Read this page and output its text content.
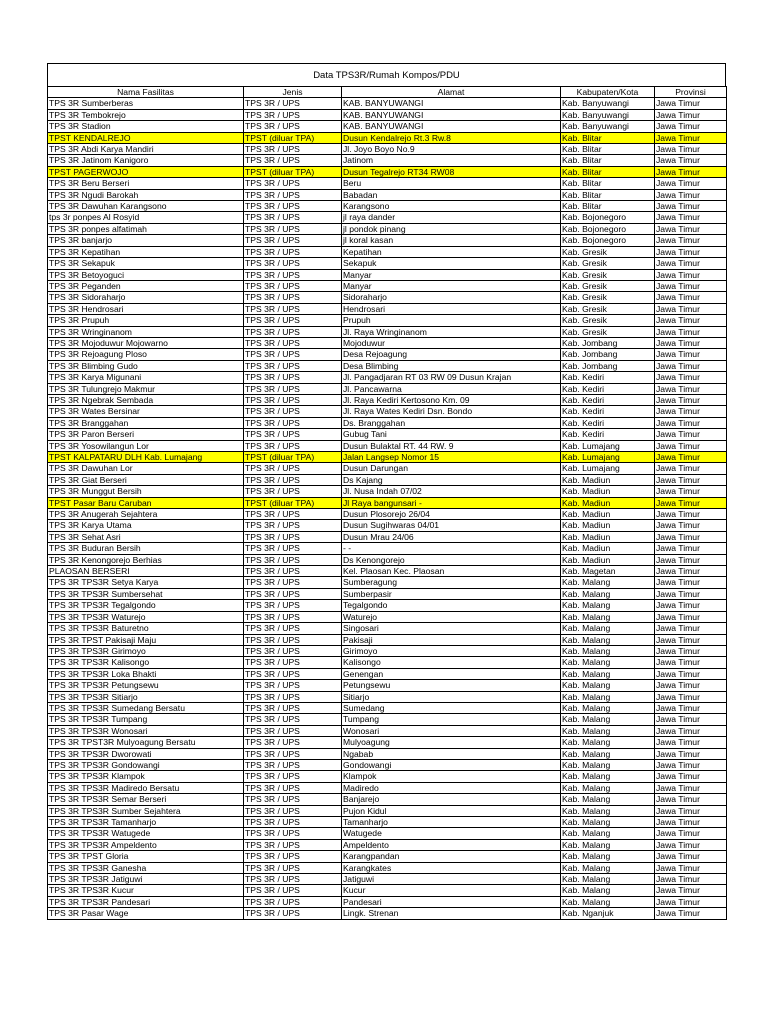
Data TPS3R/Rumah Kompos/PDU
Nama Fasilitas	Jenis	Alamat	Kabupaten/Kota	Provinsi
TPS 3R Sumberberas	TPS 3R / UPS	KAB. BANYUWANGI	Kab. Banyuwangi	Jawa Timur
TPS 3R Tembokrejo	TPS 3R / UPS	KAB. BANYUWANGI	Kab. Banyuwangi	Jawa Timur
TPS 3R Stadion	TPS 3R / UPS	KAB. BANYUWANGI	Kab. Banyuwangi	Jawa Timur
TPST KENDALREJO	TPST (diluar TPA)	Dusun Kendalrejo Rt.3 Rw.8	Kab. Blitar	Jawa Timur
TPS 3R Abdi Karya Mandiri	TPS 3R / UPS	Jl. Joyo Boyo No.9	Kab. Blitar	Jawa Timur
TPS 3R Jatinom Kanigoro	TPS 3R / UPS	Jatinom	Kab. Blitar	Jawa Timur
TPST PAGERWOJO	TPST (diluar TPA)	Dusun Tegalrejo RT34 RW08	Kab. Blitar	Jawa Timur
TPS 3R Beru Berseri	TPS 3R / UPS	Beru	Kab. Blitar	Jawa Timur
TPS 3R Ngudi Barokah	TPS 3R / UPS	Babadan	Kab. Blitar	Jawa Timur
TPS 3R Dawuhan Karangsono	TPS 3R / UPS	Karangsono	Kab. Blitar	Jawa Timur
tps 3r ponpes Al Rosyid	TPS 3R / UPS	jl raya dander	Kab. Bojonegoro	Jawa Timur
TPS 3R ponpes alfatimah	TPS 3R / UPS	jl pondok pinang	Kab. Bojonegoro	Jawa Timur
TPS 3R banjarjo	TPS 3R / UPS	jl koral kasan	Kab. Bojonegoro	Jawa Timur
TPS 3R Kepatihan	TPS 3R / UPS	Kepatihan	Kab. Gresik	Jawa Timur
TPS 3R Sekapuk	TPS 3R / UPS	Sekapuk	Kab. Gresik	Jawa Timur
TPS 3R Betoyoguci	TPS 3R / UPS	Manyar	Kab. Gresik	Jawa Timur
TPS 3R Peganden	TPS 3R / UPS	Manyar	Kab. Gresik	Jawa Timur
TPS 3R Sidoraharjo	TPS 3R / UPS	Sidoraharjo	Kab. Gresik	Jawa Timur
TPS 3R Hendrosari	TPS 3R / UPS	Hendrosari	Kab. Gresik	Jawa Timur
TPS 3R Prupuh	TPS 3R / UPS	Prupuh	Kab. Gresik	Jawa Timur
TPS 3R Wringinanom	TPS 3R / UPS	Jl. Raya Wringinanom	Kab. Gresik	Jawa Timur
TPS 3R Mojoduwur Mojowarno	TPS 3R / UPS	Mojoduwur	Kab. Jombang	Jawa Timur
TPS 3R Rejoagung Ploso	TPS 3R / UPS	Desa Rejoagung	Kab. Jombang	Jawa Timur
TPS 3R Blimbing Gudo	TPS 3R / UPS	Desa Blimbing	Kab. Jombang	Jawa Timur
TPS 3R Karya Migunani	TPS 3R / UPS	Jl. Pangadjaran RT 03 RW 09 Dusun Krajan	Kab. Kediri	Jawa Timur
TPS 3R Tulungrejo Makmur	TPS 3R / UPS	Jl. Pancawarna	Kab. Kediri	Jawa Timur
TPS 3R Ngebrak Sembada	TPS 3R / UPS	Jl. Raya Kediri Kertosono Km. 09	Kab. Kediri	Jawa Timur
TPS 3R Wates Bersinar	TPS 3R / UPS	Jl. Raya Wates Kediri Dsn. Bondo	Kab. Kediri	Jawa Timur
TPS 3R Branggahan	TPS 3R / UPS	Ds. Branggahan	Kab. Kediri	Jawa Timur
TPS 3R Paron Berseri	TPS 3R / UPS	Gubug Tani	Kab. Kediri	Jawa Timur
TPS 3R Yosowilangun Lor	TPS 3R / UPS	Dusun Bulaktal RT. 44 RW. 9	Kab. Lumajang	Jawa Timur
TPST KALPATARU DLH Kab. Lumajang	TPST (diluar TPA)	Jalan Langsep Nomor 15	Kab. Lumajang	Jawa Timur
TPS 3R Dawuhan Lor	TPS 3R / UPS	Dusun Darungan	Kab. Lumajang	Jawa Timur
TPS 3R Giat Berseri	TPS 3R / UPS	Ds Kajang	Kab. Madiun	Jawa Timur
TPS 3R Munggut Bersih	TPS 3R / UPS	Jl. Nusa Indah 07/02	Kab. Madiun	Jawa Timur
TPST Pasar Baru Caruban	TPST (diluar TPA)	Jl Raya bangunsari -	Kab. Madiun	Jawa Timur
TPS 3R Anugerah Sejahtera	TPS 3R / UPS	Dusun Plosorejo 26/04	Kab. Madiun	Jawa Timur
TPS 3R Karya Utama	TPS 3R / UPS	Dusun Sugihwaras 04/01	Kab. Madiun	Jawa Timur
TPS 3R Sehat Asri	TPS 3R / UPS	Dusun Mrau 24/06	Kab. Madiun	Jawa Timur
TPS 3R Buduran Bersih	TPS 3R / UPS	- -	Kab. Madiun	Jawa Timur
TPS 3R Kenongorejo Berhias	TPS 3R / UPS	Ds Kenongorejo	Kab. Madiun	Jawa Timur
PLAOSAN BERSERI	TPS 3R / UPS	Kel. Plaosan Kec. Plaosan	Kab. Magetan	Jawa Timur
TPS 3R TPS3R Setya Karya	TPS 3R / UPS	Sumberagung	Kab. Malang	Jawa Timur
TPS 3R TPS3R Sumbersehat	TPS 3R / UPS	Sumberpasir	Kab. Malang	Jawa Timur
TPS 3R TPS3R Tegalgondo	TPS 3R / UPS	Tegalgondo	Kab. Malang	Jawa Timur
TPS 3R TPS3R Waturejo	TPS 3R / UPS	Waturejo	Kab. Malang	Jawa Timur
TPS 3R TPS3R Baturetno	TPS 3R / UPS	Singosari	Kab. Malang	Jawa Timur
TPS 3R TPST Pakisaji Maju	TPS 3R / UPS	Pakisaji	Kab. Malang	Jawa Timur
TPS 3R TPS3R Girimoyo	TPS 3R / UPS	Girimoyo	Kab. Malang	Jawa Timur
TPS 3R TPS3R Kalisongo	TPS 3R / UPS	Kalisongo	Kab. Malang	Jawa Timur
TPS 3R TPS3R Loka Bhakti	TPS 3R / UPS	Genengan	Kab. Malang	Jawa Timur
TPS 3R TPS3R Petungsewu	TPS 3R / UPS	Petungsewu	Kab. Malang	Jawa Timur
TPS 3R TPS3R Sitiarjo	TPS 3R / UPS	Sitiarjo	Kab. Malang	Jawa Timur
TPS 3R TPS3R Sumedang Bersatu	TPS 3R / UPS	Sumedang	Kab. Malang	Jawa Timur
TPS 3R TPS3R Tumpang	TPS 3R / UPS	Tumpang	Kab. Malang	Jawa Timur
TPS 3R TPS3R Wonosari	TPS 3R / UPS	Wonosari	Kab. Malang	Jawa Timur
TPS 3R TPST3R Mulyoagung Bersatu	TPS 3R / UPS	Mulyoagung	Kab. Malang	Jawa Timur
TPS 3R TPS3R Dworowati	TPS 3R / UPS	Ngabab	Kab. Malang	Jawa Timur
TPS 3R TPS3R Gondowangi	TPS 3R / UPS	Gondowangi	Kab. Malang	Jawa Timur
TPS 3R TPS3R Klampok	TPS 3R / UPS	Klampok	Kab. Malang	Jawa Timur
TPS 3R TPS3R Madiredo Bersatu	TPS 3R / UPS	Madiredo	Kab. Malang	Jawa Timur
TPS 3R TPS3R Semar Berseri	TPS 3R / UPS	Banjarejo	Kab. Malang	Jawa Timur
TPS 3R TPS3R Sumber Sejahtera	TPS 3R / UPS	Pujon Kidul	Kab. Malang	Jawa Timur
TPS 3R TPS3R Tamanharjo	TPS 3R / UPS	Tamanharjo	Kab. Malang	Jawa Timur
TPS 3R TPS3R Watugede	TPS 3R / UPS	Watugede	Kab. Malang	Jawa Timur
TPS 3R TPS3R Ampeldento	TPS 3R / UPS	Ampeldento	Kab. Malang	Jawa Timur
TPS 3R TPST Gloria	TPS 3R / UPS	Karangpandan	Kab. Malang	Jawa Timur
TPS 3R TPS3R Ganesha	TPS 3R / UPS	Karangkates	Kab. Malang	Jawa Timur
TPS 3R TPS3R Jatiguwi	TPS 3R / UPS	Jatiguwi	Kab. Malang	Jawa Timur
TPS 3R TPS3R Kucur	TPS 3R / UPS	Kucur	Kab. Malang	Jawa Timur
TPS 3R TPS3R Pandesari	TPS 3R / UPS	Pandesari	Kab. Malang	Jawa Timur
TPS 3R Pasar Wage	TPS 3R / UPS	Lingk. Strenan	Kab. Nganjuk	Jawa Timur
